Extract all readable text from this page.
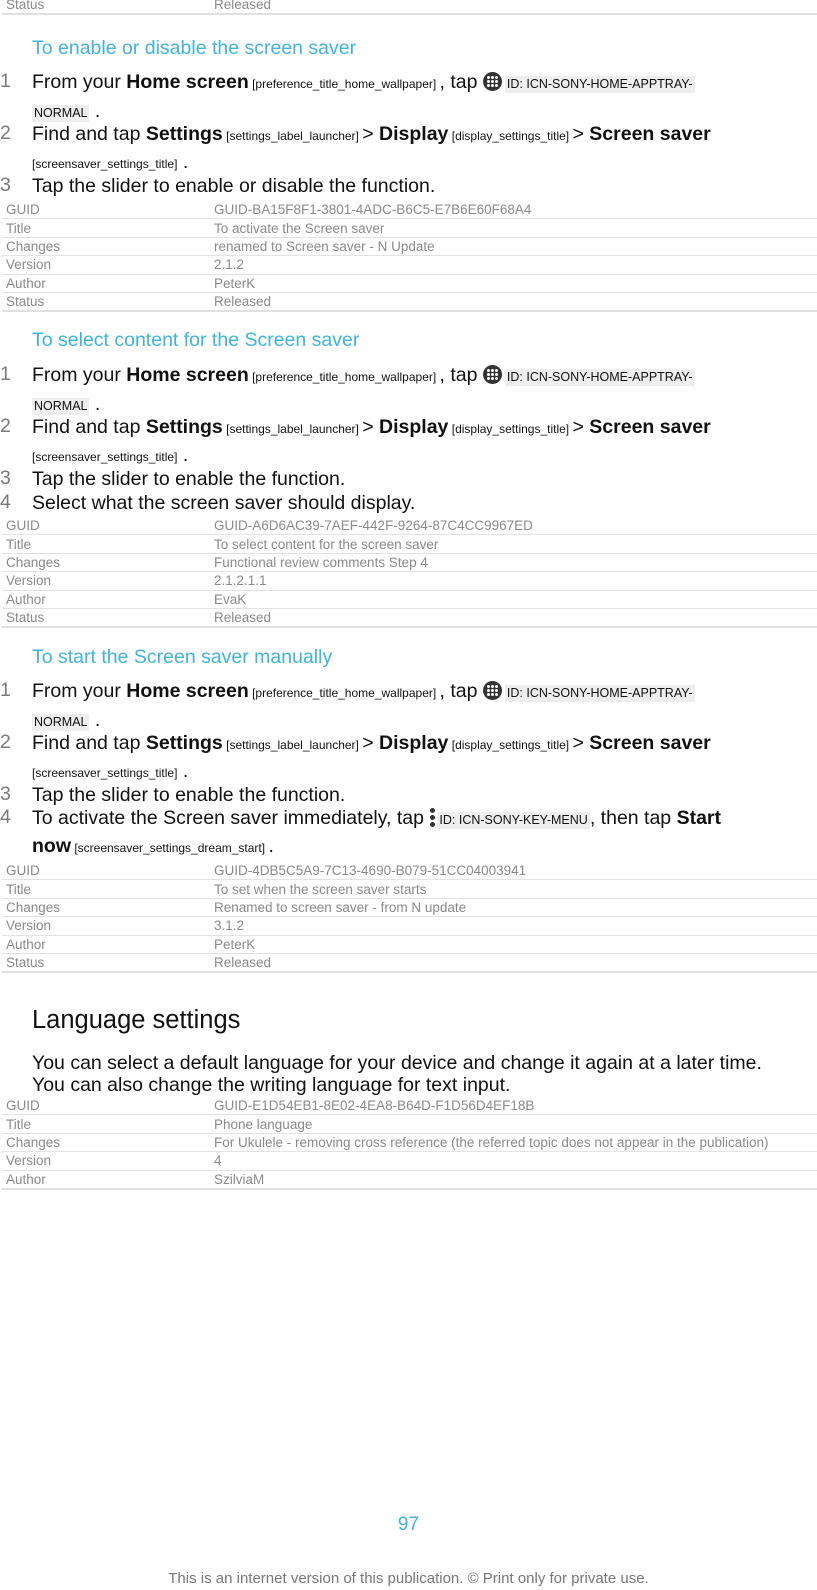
Status	Released
To enable or disable the screen saver
1 From your Home screen [preference_title_home_wallpaper] , tap
ID: ICN-SONY-HOME-APPTRAY-
NORMAL .
2 Find and tap Settings [settings_label_launcher] > Display [display_settings_title] > Screen saver
[screensaver_settings_title] .
3 Tap the slider to enable or disable the function.
GUID	GUID-BA15F8F1-3801-4ADC-B6C5-E7B6E60F68A4
Title	To activate the Screen saver
Changes	renamed to Screen saver - N Update
Version	2.1.2
Author	PeterK
Status	Released
To select content for the Screen saver
1 From your Home screen [preference_title_home_wallpaper] , tap
ID: ICN-SONY-HOME-APPTRAY-
NORMAL .
2 Find and tap Settings [settings_label_launcher] > Display [display_settings_title] > Screen saver
[screensaver_settings_title] .
3 Tap the slider to enable the function.
4 Select what the screen saver should display.
GUID	GUID-A6D6AC39-7AEF-442F-9264-87C4CC9967ED
Title	To select content for the screen saver
Changes	Functional review comments Step 4
Version	2.1.2.1.1
Author	EvaK
Status	Released
To start the Screen saver manually
1 From your Home screen [preference_title_home_wallpaper] , tap
ID: ICN-SONY-HOME-APPTRAY-
NORMAL .
2 Find and tap Settings [settings_label_launcher] > Display [display_settings_title] > Screen saver
[screensaver_settings_title] .
3 Tap the slider to enable the function.
4 To activate the Screen saver immediately, tap
ID: ICN-SONY-KEY-MENU , then tap Start
now [screensaver_settings_dream_start] .
GUID	GUID-4DB5C5A9-7C13-4690-B079-51CC04003941
Title	To set when the screen saver starts
Changes	Renamed to screen saver - from N update
Version	3.1.2
Author	PeterK
Status	Released
Language settings
You can select a default language for your device and change it again at a later time.
You can also change the writing language for text input.
GUID	GUID-E1D54EB1-8E02-4EA8-B64D-F1D56D4EF18B
Title	Phone language
Changes	For Ukulele - removing cross reference (the referred topic does not appear in the publication)
Version	4
Author	SzilviaM
97
This is an internet version of this publication. © Print only for private use.
